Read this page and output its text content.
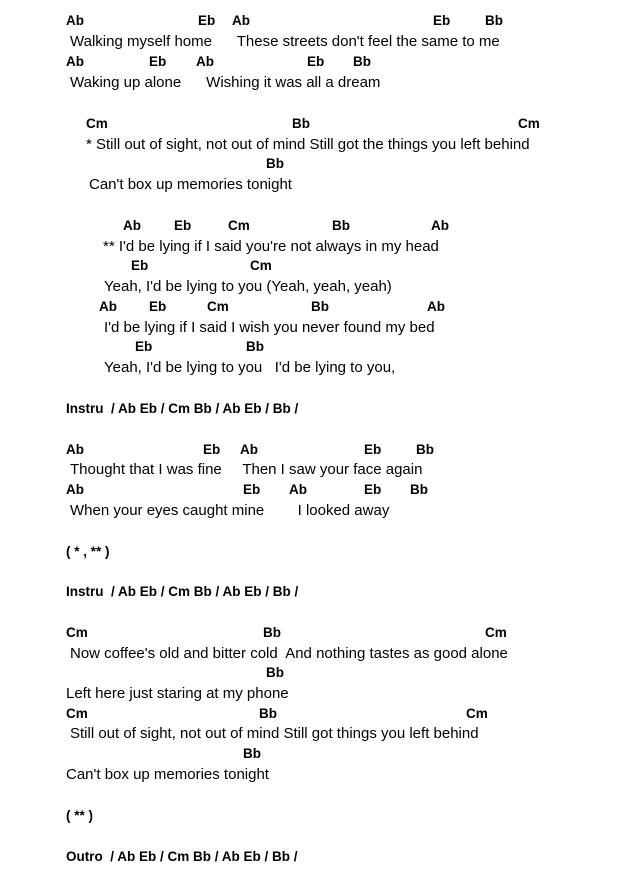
Ab	Eb Ab	Eb	Bb
Walking myself home      These streets don't feel the same to me
Ab	Eb Ab	Eb Bb
Waking up alone      Wishing it was all a dream
Cm	Bb	Cm
* Still out of sight, not out of mind Still got the things you left behind
Bb
Can't box up memories tonight
Ab Eb	Cm	Bb	Ab
** I'd be lying if I said you're not always in my head
Eb	Cm
Yeah, I'd be lying to you (Yeah, yeah, yeah)
Ab Eb	Cm	Bb	Ab
I'd be lying if I said I wish you never found my bed
Eb	Bb
Yeah, I'd be lying to you   I'd be lying to you,
Instru  / Ab Eb / Cm Bb / Ab Eb / Bb /
Ab	Eb Ab	Eb	Bb
Thought that I was fine     Then I saw your face again
Ab	Eb Ab	Eb Bb
When your eyes caught mine        I looked away
( * , ** )
Instru  / Ab Eb / Cm Bb / Ab Eb / Bb /
Cm	Bb	Cm
Now coffee's old and bitter cold  And nothing tastes as good alone
Bb
Left here just staring at my phone
Cm	Bb	Cm
Still out of sight, not out of mind Still got things you left behind
Bb
Can't box up memories tonight
( ** )
Outro  / Ab Eb / Cm Bb / Ab Eb / Bb /
